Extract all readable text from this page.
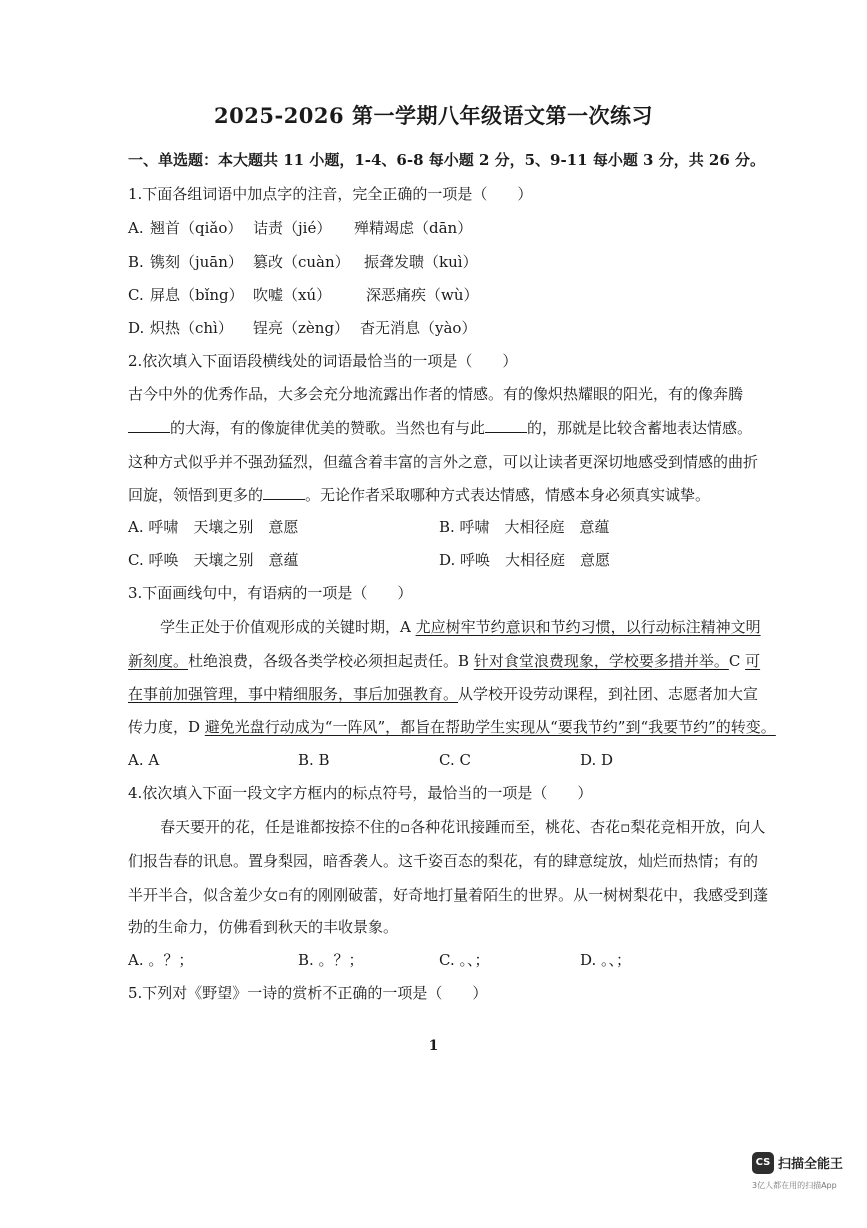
2025-2026 第一学期八年级语文第一次练习
一、单选题：本大题共 11 小题，1-4、6-8 每小题 2 分，5、9-11 每小题 3 分，共 26 分。
1.下面各组词语中加点字的注音，完全正确的一项是（　　）
A. 翘首（qiǎo） 诘责（jié） 殚精竭虑（dān）
B. 镌刻（juān） 篡改（cuàn） 振聋发聩（kuì）
C. 屏息（bǐng） 吹嘘（xú） 深恶痛疾（wù）
D. 炽热（chì） 锃亮（zèng） 杳无消息（yào）
2.依次填入下面语段横线处的词语最恰当的一项是（　　）
古今中外的优秀作品，大多会充分地流露出作者的情感。有的像炽热耀眼的阳光，有的像奔腾
的大海，有的像旋律优美的赞歌。当然也有与此	的，那就是比较含蓄地表达情感。
这种方式似乎并不强劲猛烈，但蕴含着丰富的言外之意，可以让读者更深切地感受到情感的曲折
回旋，领悟到更多的	。无论作者采取哪种方式表达情感，情感本身必须真实诚挚。
A. 呼啸　天壤之别　意愿	B. 呼啸　大相径庭　意蕴
C. 呼唤　天壤之别　意蕴	D. 呼唤　大相径庭　意愿
3.下面画线句中，有语病的一项是（　　）
学生正处于价值观形成的关键时期，A 尤应树牢节约意识和节约习惯，以行动标注精神文明
新刻度。杜绝浪费，各级各类学校必须担起责任。B 针对食堂浪费现象，学校要多措并举。C 可
在事前加强管理，事中精细服务，事后加强教育。从学校开设劳动课程，到社团、志愿者加大宣
传力度，D 避免光盘行动成为“一阵风”，都旨在帮助学生实现从“要我节约”到“我要节约”的转变。
A. A	B. B	C. C	D. D
4.依次填入下面一段文字方框内的标点符号，最恰当的一项是（　　）
春天要开的花，任是谁都按捺不住的▫各种花讯接踵而至，桃花、杏花▫梨花竞相开放，向人
们报告春的讯息。置身梨园，暗香袭人。这千姿百态的梨花，有的肆意绽放，灿烂而热情；有的
半开半合，似含羞少女▫有的刚刚破蕾，好奇地打量着陌生的世界。从一树树梨花中，我感受到蓬
勃的生命力，仿佛看到秋天的丰收景象。
A. 。？；	B. 。？；	C. 。、；	D. 。、；
5.下列对《野望》一诗的赏析不正确的一项是（　　）
1
CS 扫描全能王
3亿人都在用的扫描App
